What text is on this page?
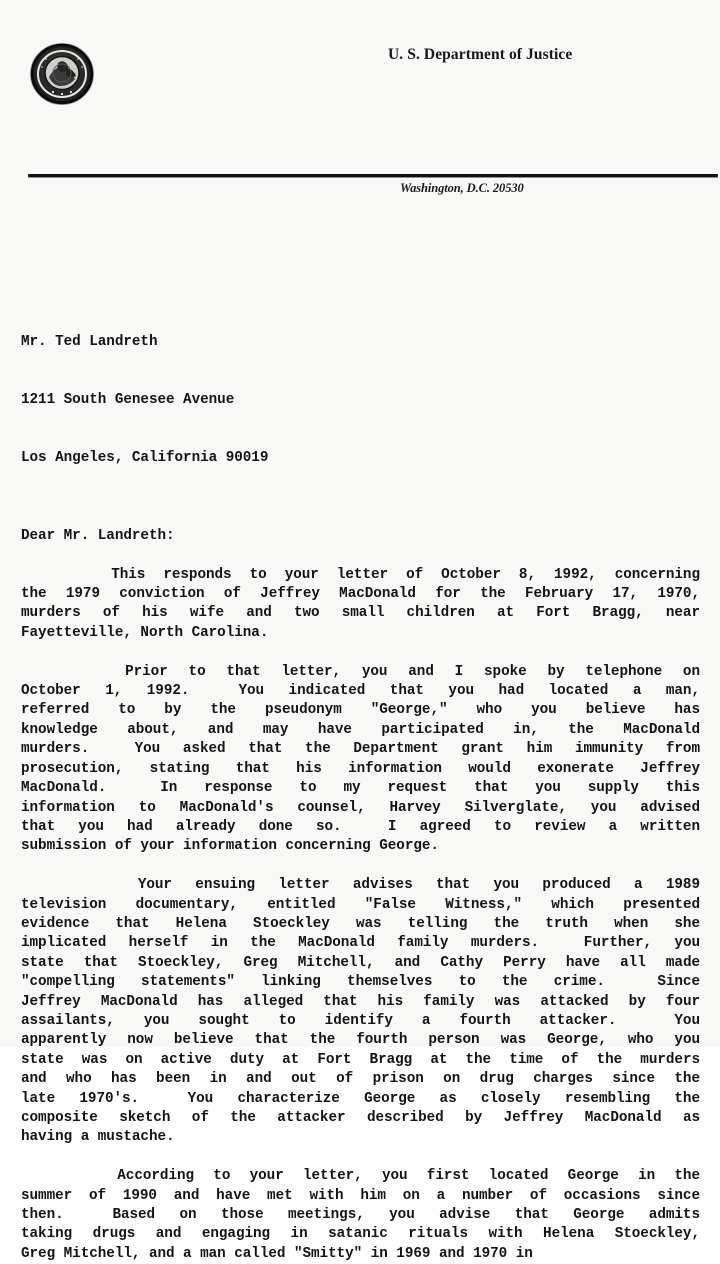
U. S. Department of Justice
Washington, D.C. 20530

Mr. Ted Landreth

1211 South Genesee Avenue

Los Angeles, California 90019

Dear Mr. Landreth:
This responds to your letter of October 8, 1992, concerning
the 1979 conviction of Jeffrey MacDonald for the February 17, 1970,
murders of his wife and two small children at Fort Bragg, near
Fayetteville, North Carolina.
Prior to that letter, you and I spoke by telephone on
October 1, 1992.  You indicated that you had located a man,
referred to by the pseudonym "George," who you believe has
knowledge about, and may have participated in, the MacDonald
murders.  You asked that the Department grant him immunity from
prosecution, stating that his information would exonerate Jeffrey
MacDonald.  In response to my request that you supply this
information to MacDonald's counsel, Harvey Silverglate, you advised
that you had already done so.  I agreed to review a written
submission of your information concerning George.
Your ensuing letter advises that you produced a 1989
television documentary, entitled "False Witness," which presented
evidence that Helena Stoeckley was telling the truth when she
implicated herself in the MacDonald family murders.  Further, you
state that Stoeckley, Greg Mitchell, and Cathy Perry have all made
"compelling statements" linking themselves to the crime.  Since
Jeffrey MacDonald has alleged that his family was attacked by four
assailants, you sought to identify a fourth attacker.  You
apparently now believe that the fourth person was George, who you
state was on active duty at Fort Bragg at the time of the murders
and who has been in and out of prison on drug charges since the
late 1970's.  You characterize George as closely resembling the
composite sketch of the attacker described by Jeffrey MacDonald as
having a mustache.
According to your letter, you first located George in the
summer of 1990 and have met with him on a number of occasions since
then.  Based on those meetings, you advise that George admits
taking drugs and engaging in satanic rituals with Helena Stoeckley,
Greg Mitchell, and a man called "Smitty" in 1969 and 1970 in
